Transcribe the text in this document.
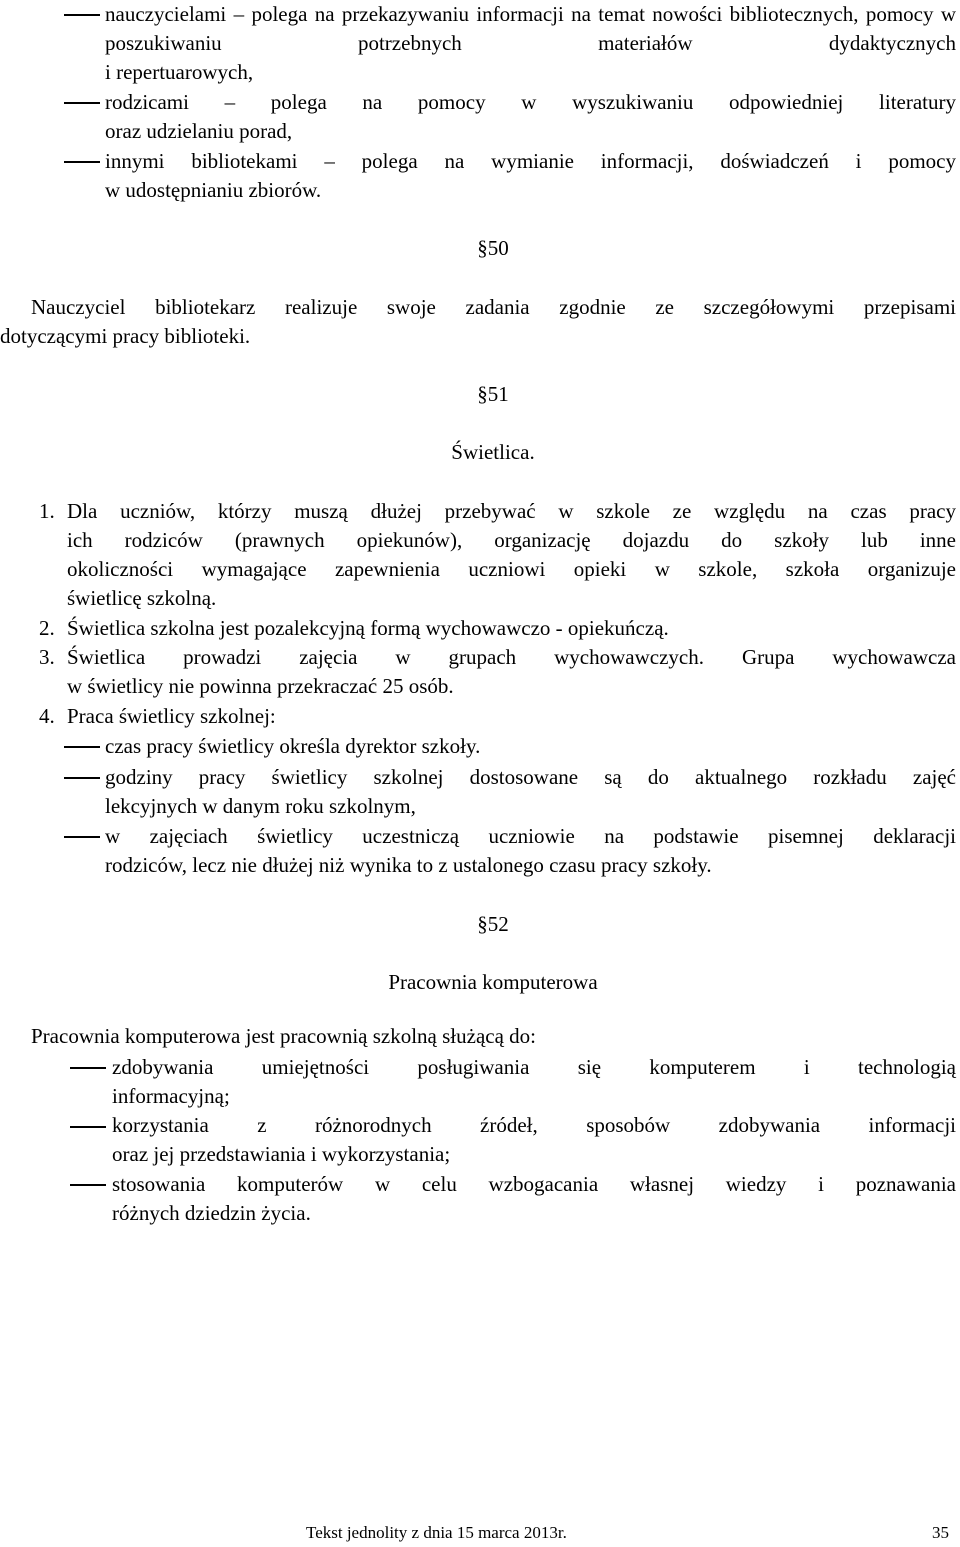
nauczycielami – polega na przekazywaniu informacji na temat nowości bibliotecznych, pomocy w poszukiwaniu potrzebnych materiałów dydaktycznych
i repertuarowych,
rodzicami – polega na pomocy w wyszukiwaniu odpowiedniej literatury
oraz udzielaniu porad,
innymi bibliotekami – polega na wymianie informacji, doświadczeń i pomocy
w udostępnianiu zbiorów.
§50
Nauczyciel bibliotekarz realizuje swoje zadania zgodnie ze szczegółowymi przepisami
dotyczącymi pracy biblioteki.
§51
Świetlica.
1. Dla uczniów, którzy muszą dłużej przebywać w szkole ze względu na czas pracy
ich rodziców (prawnych opiekunów), organizację dojazdu do szkoły lub inne
okoliczności wymagające zapewnienia uczniowi opieki w szkole, szkoła organizuje
świetlicę szkolną.
2. Świetlica szkolna jest pozalekcyjną formą wychowawczo - opiekuńczą.
3. Świetlica prowadzi zajęcia w grupach wychowawczych. Grupa wychowawcza
w świetlicy nie powinna przekraczać 25 osób.
4. Praca świetlicy szkolnej:
czas pracy świetlicy określa dyrektor szkoły.
godziny pracy świetlicy szkolnej dostosowane są do aktualnego rozkładu zajęć
lekcyjnych w danym roku szkolnym,
w zajęciach świetlicy uczestniczą uczniowie na podstawie pisemnej deklaracji
rodziców, lecz nie dłużej niż wynika to z ustalonego czasu pracy szkoły.
§52
Pracownia komputerowa
Pracownia komputerowa jest pracownią szkolną służącą do:
zdobywania umiejętności posługiwania się komputerem i technologią
informacyjną;
korzystania z różnorodnych źródeł, sposobów zdobywania informacji
oraz jej przedstawiania i wykorzystania;
stosowania komputerów w celu wzbogacania własnej wiedzy i poznawania
różnych dziedzin życia.
Tekst jednolity z dnia 15 marca 2013r.	35
